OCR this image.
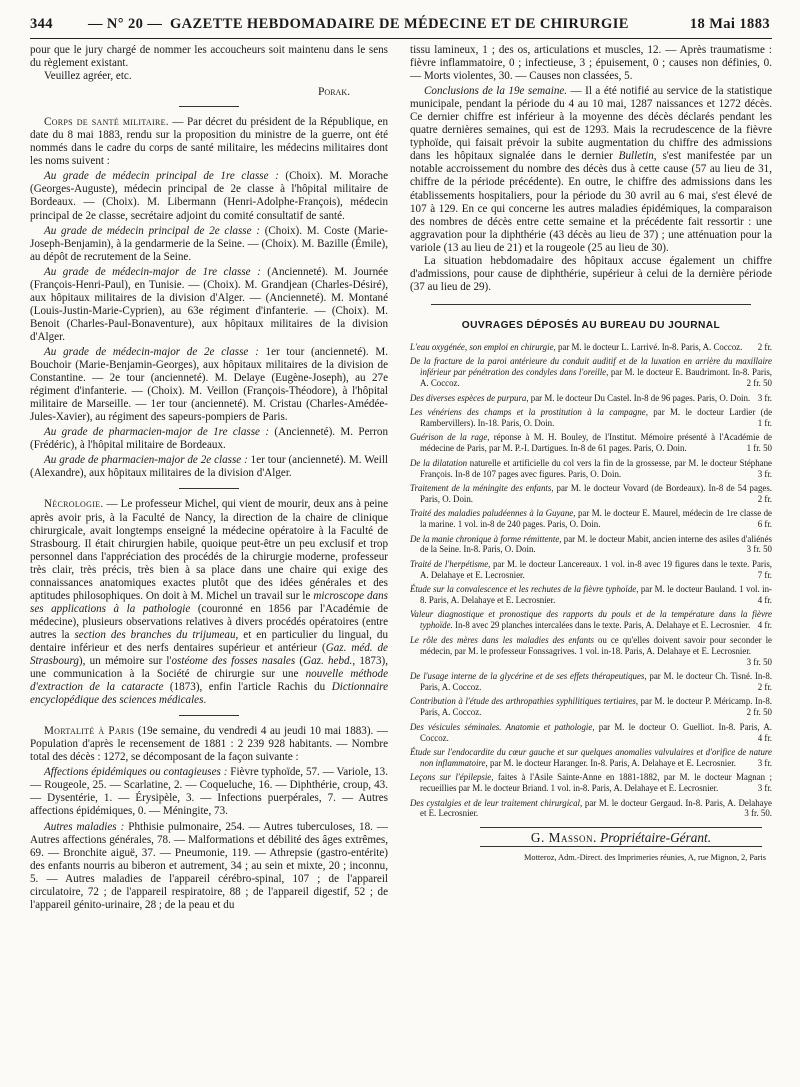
344 — N° 20 — GAZETTE HEBDOMADAIRE DE MÉDECINE ET DE CHIRURGIE	18 Mai 1883

pour que le jury chargé de nommer les accoucheurs soit maintenu dans le sens du règlement existant.

Veuillez agréer, etc.

Porak.

Corps de santé militaire. — Par décret du président de la République, en date du 8 mai 1883, rendu sur la proposition du ministre de la guerre, ont été nommés dans le cadre du corps de santé militaire, les médecins militaires dont les noms suivent :

Au grade de médecin principal de 1re classe : (Choix). M. Morache (Georges-Auguste), médecin principal de 2e classe à l'hôpital militaire de Bordeaux. — (Choix). M. Libermann (Henri-Adolphe-François), médecin principal de 2e classe, secrétaire adjoint du comité consultatif de santé.

Au grade de médecin principal de 2e classe : (Choix). M. Coste (Marie-Joseph-Benjamin), à la gendarmerie de la Seine. — (Choix). M. Bazille (Émile), au dépôt de recrutement de la Seine.

Au grade de médecin-major de 1re classe : (Ancienneté). M. Journée (François-Henri-Paul), en Tunisie. — (Choix). M. Grandjean (Charles-Désiré), aux hôpitaux militaires de la division d'Alger. — (Ancienneté). M. Montané (Louis-Justin-Marie-Cyprien), au 63e régiment d'infanterie. — (Choix). M. Benoit (Charles-Paul-Bonaventure), aux hôpitaux militaires de la division d'Alger.

Au grade de médecin-major de 2e classe : 1er tour (ancienneté). M. Bouchoir (Marie-Benjamin-Georges), aux hôpitaux militaires de la division de Constantine. — 2e tour (ancienneté). M. Delaye (Eugène-Joseph), au 27e régiment d'infanterie. — (Choix). M. Veillon (François-Théodore), à l'hôpital militaire de Marseille. — 1er tour (ancienneté). M. Cristau (Charles-Amédée-Jules-Xavier), au régiment des sapeurs-pompiers de Paris.

Au grade de pharmacien-major de 1re classe : (Ancienneté). M. Perron (Frédéric), à l'hôpital militaire de Bordeaux.

Au grade de pharmacien-major de 2e classe : 1er tour (ancienneté). M. Weill (Alexandre), aux hôpitaux militaires de la division d'Alger.

Nécrologie. — Le professeur Michel, qui vient de mourir, deux ans à peine après avoir pris, à la Faculté de Nancy, la direction de la chaire de clinique chirurgicale, avait longtemps enseigné la médecine opératoire à la Faculté de Strasbourg. Il était chirurgien habile, quoique peut-être un peu exclusif et trop personnel dans l'appréciation des procédés de la chirurgie moderne, professeur très clair, très précis, très bien à sa place dans une chaire qui exige des connaissances anatomiques exactes plutôt que des idées générales et des aptitudes philosophiques. On doit à M. Michel un travail sur le microscope dans ses applications à la pathologie (couronné en 1856 par l'Académie de médecine), plusieurs observations relatives à divers procédés opératoires (entre autres la section des branches du trijumeau, et en particulier du lingual, du dentaire inférieur et des nerfs dentaires supérieur et antérieur (Gaz. méd. de Strasbourg), un mémoire sur l'ostéome des fosses nasales (Gaz. hebd., 1873), une communication à la Société de chirurgie sur une nouvelle méthode d'extraction de la cataracte (1873), enfin l'article Rachis du Dictionnaire encyclopédique des sciences médicales.

Mortalité à Paris (19e semaine, du vendredi 4 au jeudi 10 mai 1883). — Population d'après le recensement de 1881 : 2 239 928 habitants. — Nombre total des décès : 1272, se décomposant de la façon suivante :

Affections épidémiques ou contagieuses : Fièvre typhoïde, 57. — Variole, 13. — Rougeole, 25. — Scarlatine, 2. — Coqueluche, 16. — Diphthérie, croup, 43. — Dysentérie, 1. — Érysipèle, 3. — Infections puerpérales, 7. — Autres affections épidémiques, 0. — Méningite, 73.

Autres maladies : Phthisie pulmonaire, 254. — Autres tuberculoses, 18. — Autres affections générales, 78. — Malformations et débilité des âges extrêmes, 69. — Bronchite aiguë, 37. — Pneumonie, 119. — Athrepsie (gastro-entérite) des enfants nourris au biberon et autrement, 34 ; au sein et mixte, 20 ; inconnu, 5. — Autres maladies de l'appareil cérébro-spinal, 107 ; de l'appareil circulatoire, 72 ; de l'appareil respiratoire, 88 ; de l'appareil digestif, 52 ; de l'appareil génito-urinaire, 28 ; de la peau et du

tissu lamineux, 1 ; des os, articulations et muscles, 12. — Après traumatisme : fièvre inflammatoire, 0 ; infectieuse, 3 ; épuisement, 0 ; causes non définies, 0. — Morts violentes, 30. — Causes non classées, 5.

Conclusions de la 19e semaine. — Il a été notifié au service de la statistique municipale, pendant la période du 4 au 10 mai, 1287 naissances et 1272 décès. Ce dernier chiffre est inférieur à la moyenne des décès déclarés pendant les quatre dernières semaines, qui est de 1293. Mais la recrudescence de la fièvre typhoïde, qui faisait prévoir la subite augmentation du chiffre des admissions dans les hôpitaux signalée dans le dernier Bulletin, s'est manifestée par un notable accroissement du nombre des décès dus à cette cause (57 au lieu de 31, chiffre de la période précédente). En outre, le chiffre des admissions dans les établissements hospitaliers, pour la période du 30 avril au 6 mai, s'est élevé de 107 à 129. En ce qui concerne les autres maladies épidémiques, la comparaison des nombres de décès entre cette semaine et la précédente fait ressortir : une aggravation pour la diphthérie (43 décès au lieu de 37) ; une atténuation pour la variole (13 au lieu de 21) et la rougeole (25 au lieu de 30).

La situation hebdomadaire des hôpitaux accuse également un chiffre d'admissions, pour cause de diphthérie, supérieur à celui de la dernière période (37 au lieu de 29).

OUVRAGES DÉPOSÉS AU BUREAU DU JOURNAL
L'eau oxygénée, son emploi en chirurgie, par M. le docteur L. Larrivé. In-8. Paris, A. Coccoz.	2 fr.
De la fracture de la paroi antérieure du conduit auditif et de la luxation en arrière du maxillaire inférieur par pénétration des condyles dans l'oreille, par M. le docteur E. Baudrimont. In-8. Paris, A. Coccoz.	2 fr. 50
Des diverses espèces de purpura, par M. le docteur Du Castel. In-8 de 96 pages. Paris, O. Doin. 3 fr.
Les vénériens des champs et la prostitution à la campagne, par M. le docteur Lardier (de Rambervillers). In-18. Paris, O. Doin.	1 fr.
Guérison de la rage, réponse à M. H. Bouley, de l'Institut. Mémoire présenté à l'Académie de médecine de Paris, par M. P.-I. Dartigues. In-8 de 61 pages. Paris, O. Doin.	1 fr. 50
De la dilatation naturelle et artificielle du col vers la fin de la grossesse, par M. le docteur Stéphane François. In-8 de 107 pages avec figures. Paris, O. Doin.	3 fr.
Traitement de la méningite des enfants, par M. le docteur Vovard (de Bordeaux). In-8 de 54 pages. Paris, O. Doin.	2 fr.
Traité des maladies paludéennes à la Guyane, par M. le docteur E. Maurel, médecin de 1re classe de la marine. 1 vol. in-8 de 240 pages. Paris, O. Doin.	6 fr.
De la manie chronique à forme rémittente, par M. le docteur Mabit, ancien interne des asiles d'aliénés de la Seine. In-8. Paris, O. Doin.	3 fr. 50
Traité de l'herpétisme, par M. le docteur Lancereaux. 1 vol. in-8 avec 19 figures dans le texte. Paris, A. Delahaye et E. Lecrosnier.	7 fr.
Étude sur la convalescence et les rechutes de la fièvre typhoïde, par M. le docteur Bauland. 1 vol. in-8. Paris, A. Delahaye et E. Lecrosnier.	4 fr.
Valeur diagnostique et pronostique des rapports du pouls et de la température dans la fièvre typhoïde. In-8 avec 29 planches intercalées dans le texte. Paris, A. Delahaye et E. Lecrosnier. 4 fr.
Le rôle des mères dans les maladies des enfants ou ce qu'elles doivent savoir pour seconder le médecin, par M. le professeur Fonssagrives. 1 vol. in-18. Paris, A. Delahaye et E. Lecrosnier.
3 fr. 50
De l'usage interne de la glycérine et de ses effets thérapeutiques, par M. le docteur Ch. Tisné. In-8. Paris, A. Coccoz.	2 fr.
Contribution à l'étude des arthropathies syphilitiques tertiaires, par M. le docteur P. Méricamp. In-8. Paris, A. Coccoz.	2 fr. 50
Des vésicules séminales. Anatomie et pathologie, par M. le docteur O. Guelliot. In-8. Paris, A. Coccoz.	4 fr.
Étude sur l'endocardite du cœur gauche et sur quelques anomalies valvulaires et d'orifice de nature non inflammatoire, par M. le docteur Haranger. In-8. Paris, A. Delahaye et E. Lecrosnier.	3 fr.
Leçons sur l'épilepsie, faites à l'Asile Sainte-Anne en 1881-1882, par M. le docteur Magnan ; recueillies par M. le docteur Briand. 1 vol. in-8. Paris, A. Delahaye et E. Lecrosnier.	3 fr.
Des cystalgies et de leur traitement chirurgical, par M. le docteur Gergaud. In-8. Paris, A. Delahaye et E. Lecrosnier.	3 fr. 50.
G. Masson. Propriétaire-Gérant.
Motteroz, Adm.-Direct. des Imprimeries réunies, A, rue Mignon, 2, Paris
